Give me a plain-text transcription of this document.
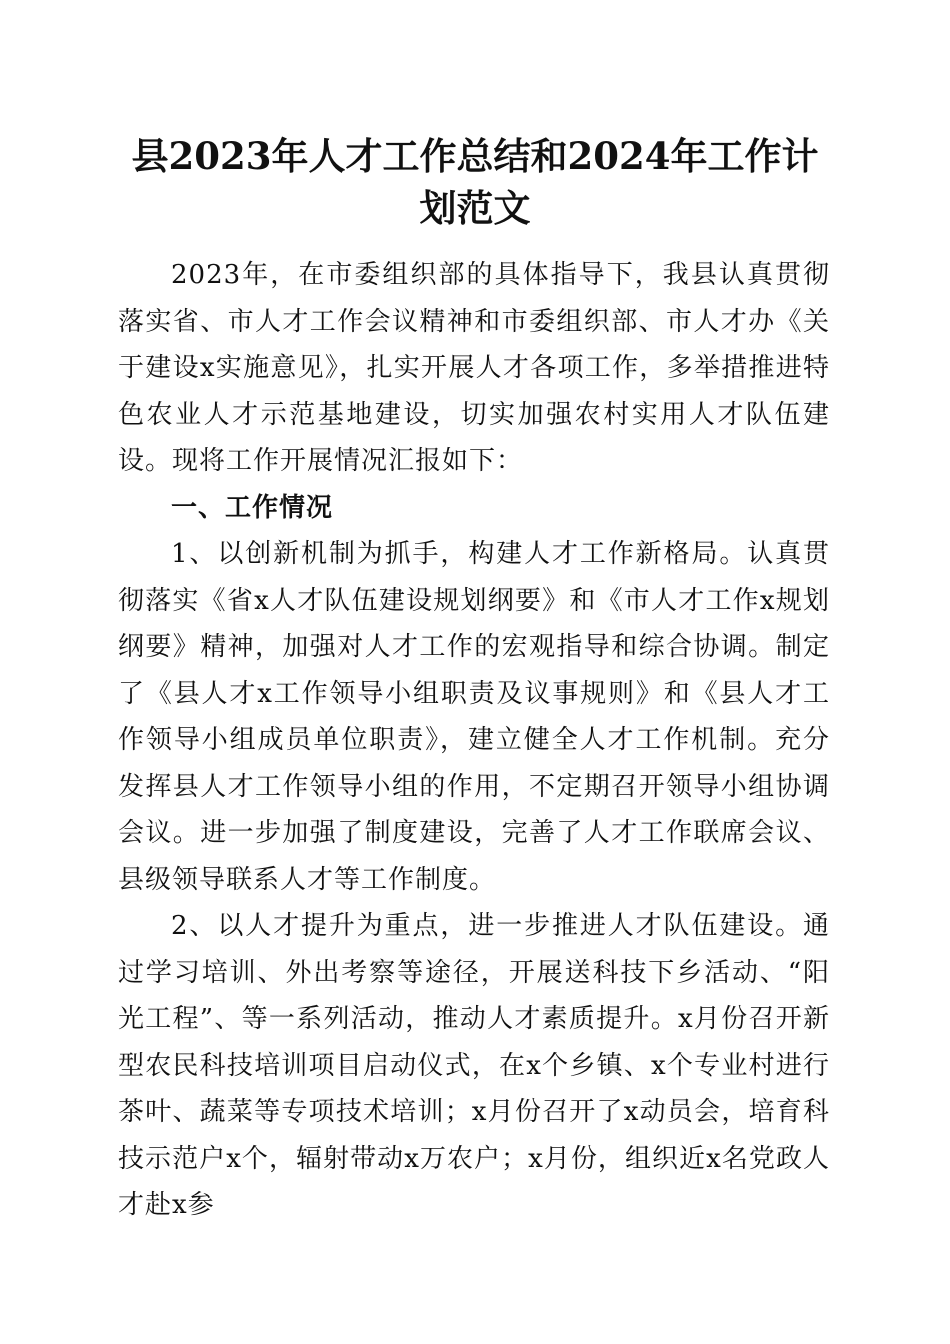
县2023年人才工作总结和2024年工作计划范文

2023年，在市委组织部的具体指导下，我县认真贯彻落实省、市人才工作会议精神和市委组织部、市人才办《关于建设x实施意见》，扎实开展人才各项工作，多举措推进特色农业人才示范基地建设，切实加强农村实用人才队伍建设。现将工作开展情况汇报如下：

一、工作情况

1、以创新机制为抓手，构建人才工作新格局。认真贯彻落实《省x人才队伍建设规划纲要》和《市人才工作x规划纲要》精神，加强对人才工作的宏观指导和综合协调。制定了《县人才x工作领导小组职责及议事规则》和《县人才工作领导小组成员单位职责》，建立健全人才工作机制。充分发挥县人才工作领导小组的作用，不定期召开领导小组协调会议。进一步加强了制度建设，完善了人才工作联席会议、县级领导联系人才等工作制度。

2、以人才提升为重点，进一步推进人才队伍建设。通过学习培训、外出考察等途径，开展送科技下乡活动、“阳光工程”、等一系列活动，推动人才素质提升。x月份召开新型农民科技培训项目启动仪式，在x个乡镇、x个专业村进行茶叶、蔬菜等专项技术培训；x月份召开了x动员会，培育科技示范户x个，辐射带动x万农户；x月份，组织近x名党政人才赴x参
